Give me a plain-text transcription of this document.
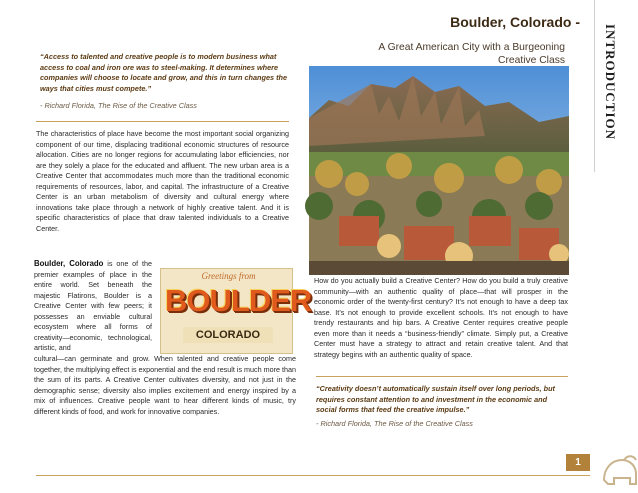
INTRODUCTION
“Access to talented and creative people is to modern business what access to coal and iron ore was to steel-making. It determines where companies will choose to locate and grow, and this in turn changes the ways that cities must compete.”
- Richard Florida, The Rise of the Creative Class
The characteristics of place have become the most important social organizing component of our time, displacing traditional economic structures of resource allocation. Cities are no longer regions for accumulating labor efficiencies, nor are they solely a place for the educated and affluent. The new urban area is a Creative Center that accommodates much more than the traditional economic requirements of resources, labor, and capital. The infrastructure of a Creative Center is an urban metabolism of diversity and cultural energy where innovations take place through a network of highly creative talent. And it is specific characteristics of place that draw talented individuals to a Creative Center.
Boulder, Colorado is one of the premier examples of place in the entire world. Set beneath the majestic Flatirons, Boulder is a Creative Center with few peers; it possesses an enviable cultural ecosystem where all forms of creativity—economic, technological, artistic, and
Greetings from
BOULDER
COLORADO
cultural—can germinate and grow. When talented and creative people come together, the multiplying effect is exponential and the end result is much more than the sum of its parts. A Creative Center cultivates diversity, and not just in the demographic sense; diversity also implies excitement and energy inspired by a mix of influences. Creative people want to hear different kinds of music, try different kinds of food, and work for innovative companies.
Boulder, Colorado -
A Great American City with a Burgeoning Creative Class
How do you actually build a Creative Center? How do you build a truly creative community—with an authentic quality of place—that will prosper in the economic order of the twenty-first century? It’s not enough to have a deep tax base. It’s not enough to provide excellent schools. It’s not enough to have trendy restaurants and hip bars. A Creative Center requires creative people even more than it needs a “business-friendly” climate. Simply put, a Creative Center must have a strategy to attract and retain creative talent. And that strategy begins with an authentic quality of space.
“Creativity doesn’t automatically sustain itself over long periods, but requires constant attention to and investment in the economic and social forms that feed the creative impulse.”
- Richard Florida, The Rise of the Creative Class
1
